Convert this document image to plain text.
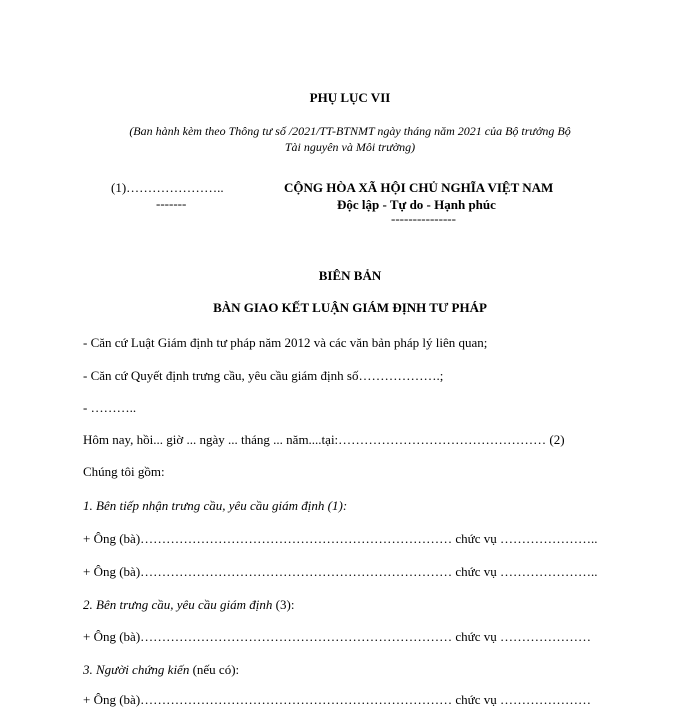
PHỤ LỤC VII
(Ban hành kèm theo Thông tư số /2021/TT-BTNMT ngày tháng năm 2021 của Bộ trưởng Bộ
Tài nguyên và Môi trường)
(1)…………………..
-------
CỘNG HÒA XÃ HỘI CHỦ NGHĨA VIỆT NAM
Độc lập - Tự do - Hạnh phúc
---------------
BIÊN BẢN
BÀN GIAO KẾT LUẬN GIÁM ĐỊNH TƯ PHÁP
- Căn cứ Luật Giám định tư pháp năm 2012 và các văn bản pháp lý liên quan;
- Căn cứ Quyết định trưng cầu, yêu cầu giám định số……………….;
- ………..
Hôm nay, hồi... giờ ... ngày ... tháng ... năm....tại:………………………………………… (2)
Chúng tôi gồm:
1. Bên tiếp nhận trưng cầu, yêu cầu giám định (1):
+ Ông (bà)……………………………………………………………… chức vụ …………………..
+ Ông (bà)……………………………………………………………… chức vụ …………………..
2. Bên trưng cầu, yêu cầu giám định (3):
+ Ông (bà)……………………………………………………………… chức vụ …………………
3. Người chứng kiến (nếu có):
+ Ông (bà)……………………………………………………………… chức vụ …………………
